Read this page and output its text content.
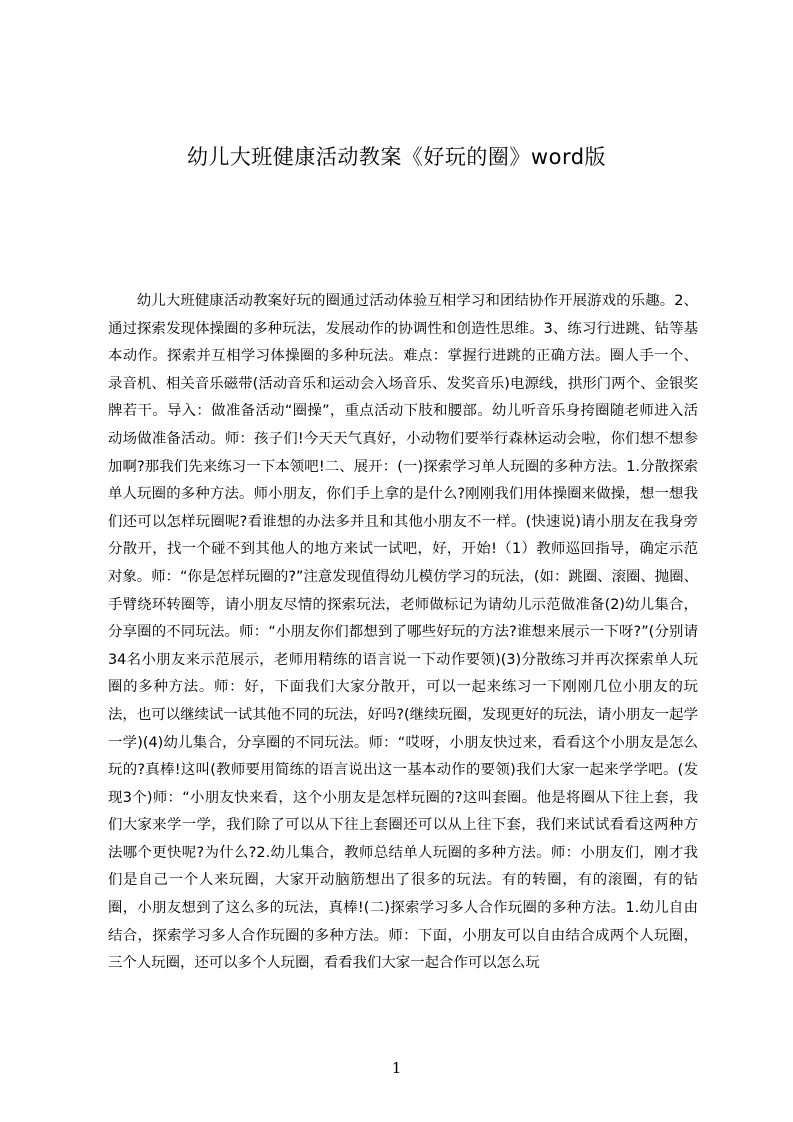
幼儿大班健康活动教案《好玩的圈》word版

幼儿大班健康活动教案好玩的圈通过活动体验互相学习和团结协作开展游戏的乐趣。2、通过探索发现体操圈的多种玩法，发展动作的协调性和创造性思维。3、练习行进跳、钻等基本动作。探索并互相学习体操圈的多种玩法。难点：掌握行进跳的正确方法。圈人手一个、录音机、相关音乐磁带(活动音乐和运动会入场音乐、发奖音乐)电源线，拱形门两个、金银奖牌若干。导入：做准备活动“圈操”，重点活动下肢和腰部。幼儿听音乐身挎圈随老师进入活动场做准备活动。师：孩子们!今天天气真好，小动物们要举行森林运动会啦，你们想不想参加啊?那我们先来练习一下本领吧!二、展开：(一)探索学习单人玩圈的多种方法。1.分散探索单人玩圈的多种方法。师小朋友，你们手上拿的是什么?刚刚我们用体操圈来做操，想一想我们还可以怎样玩圈呢?看谁想的办法多并且和其他小朋友不一样。(快速说)请小朋友在我身旁分散开，找一个碰不到其他人的地方来试一试吧，好，开始!（1）教师巡回指导，确定示范对象。师：“你是怎样玩圈的?”注意发现值得幼儿模仿学习的玩法，(如：跳圈、滚圈、抛圈、手臂绕环转圈等，请小朋友尽情的探索玩法，老师做标记为请幼儿示范做准备(2)幼儿集合，分享圈的不同玩法。师：“小朋友你们都想到了哪些好玩的方法?谁想来展示一下呀?”(分别请34名小朋友来示范展示，老师用精练的语言说一下动作要领)(3)分散练习并再次探索单人玩圈的多种方法。师：好，下面我们大家分散开，可以一起来练习一下刚刚几位小朋友的玩法，也可以继续试一试其他不同的玩法，好吗?(继续玩圈，发现更好的玩法，请小朋友一起学一学)(4)幼儿集合，分享圈的不同玩法。师：“哎呀，小朋友快过来，看看这个小朋友是怎么玩的?真棒!这叫(教师要用简练的语言说出这一基本动作的要领)我们大家一起来学学吧。(发现3个)师：“小朋友快来看，这个小朋友是怎样玩圈的?这叫套圈。他是将圈从下往上套，我们大家来学一学，我们除了可以从下往上套圈还可以从上往下套，我们来试试看看这两种方法哪个更快呢?为什么?2.幼儿集合，教师总结单人玩圈的多种方法。师：小朋友们，刚才我们是自己一个人来玩圈，大家开动脑筋想出了很多的玩法。有的转圈，有的滚圈，有的钻圈，小朋友想到了这么多的玩法，真棒!(二)探索学习多人合作玩圈的多种方法。1.幼儿自由结合，探索学习多人合作玩圈的多种方法。师：下面，小朋友可以自由结合成两个人玩圈，三个人玩圈，还可以多个人玩圈，看看我们大家一起合作可以怎么玩

1
